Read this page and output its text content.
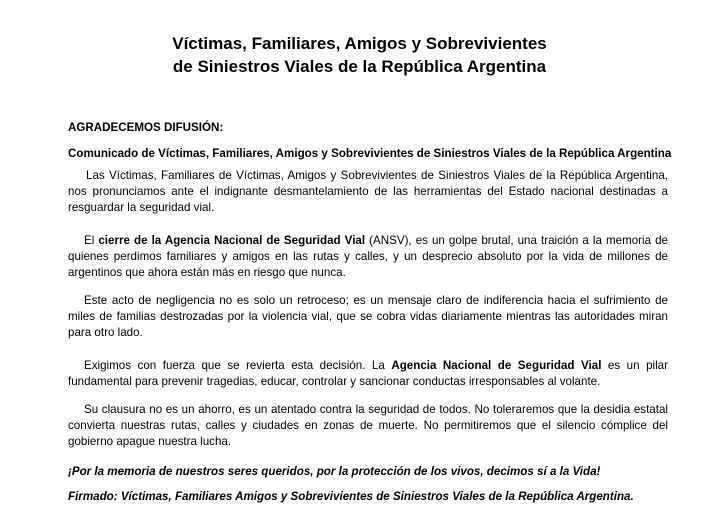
Víctimas, Familiares, Amigos y Sobrevivientes
de Siniestros Viales de la República Argentina
AGRADECEMOS DIFUSIÓN:
Comunicado de Víctimas, Familiares, Amigos y Sobrevivientes de Siniestros Viales de la República Argentina

Las Víctimas, Familiares de Víctimas, Amigos y Sobrevivientes de Siniestros Viales de la República Argentina, nos pronunciamos ante el indignante desmantelamiento de las herramientas del Estado nacional destinadas a resguardar la seguridad vial.

El cierre de la Agencia Nacional de Seguridad Vial (ANSV), es un golpe brutal, una traición a la memoria de quienes perdimos familiares y amigos en las rutas y calles, y un desprecio absoluto por la vida de millones de argentinos que ahora están más en riesgo que nunca.

Este acto de negligencia no es solo un retroceso; es un mensaje claro de indiferencia hacia el sufrimiento de miles de familias destrozadas por la violencia vial, que se cobra vidas diariamente mientras las autoridades miran para otro lado.

Exigimos con fuerza que se revierta esta decisión. La Agencia Nacional de Seguridad Vial es un pilar fundamental para prevenir tragedias, educar, controlar y sancionar conductas irresponsables al volante.

Su clausura no es un ahorro, es un atentado contra la seguridad de todos. No toleraremos que la desidia estatal convierta nuestras rutas, calles y ciudades en zonas de muerte. No permitiremos que el silencio cómplice del gobierno apague nuestra lucha.

¡Por la memoria de nuestros seres queridos, por la protección de los vivos, decimos sí a la Vida!
Firmado: Víctimas, Familiares Amigos y Sobrevivientes de Siniestros Viales de la República Argentina.
